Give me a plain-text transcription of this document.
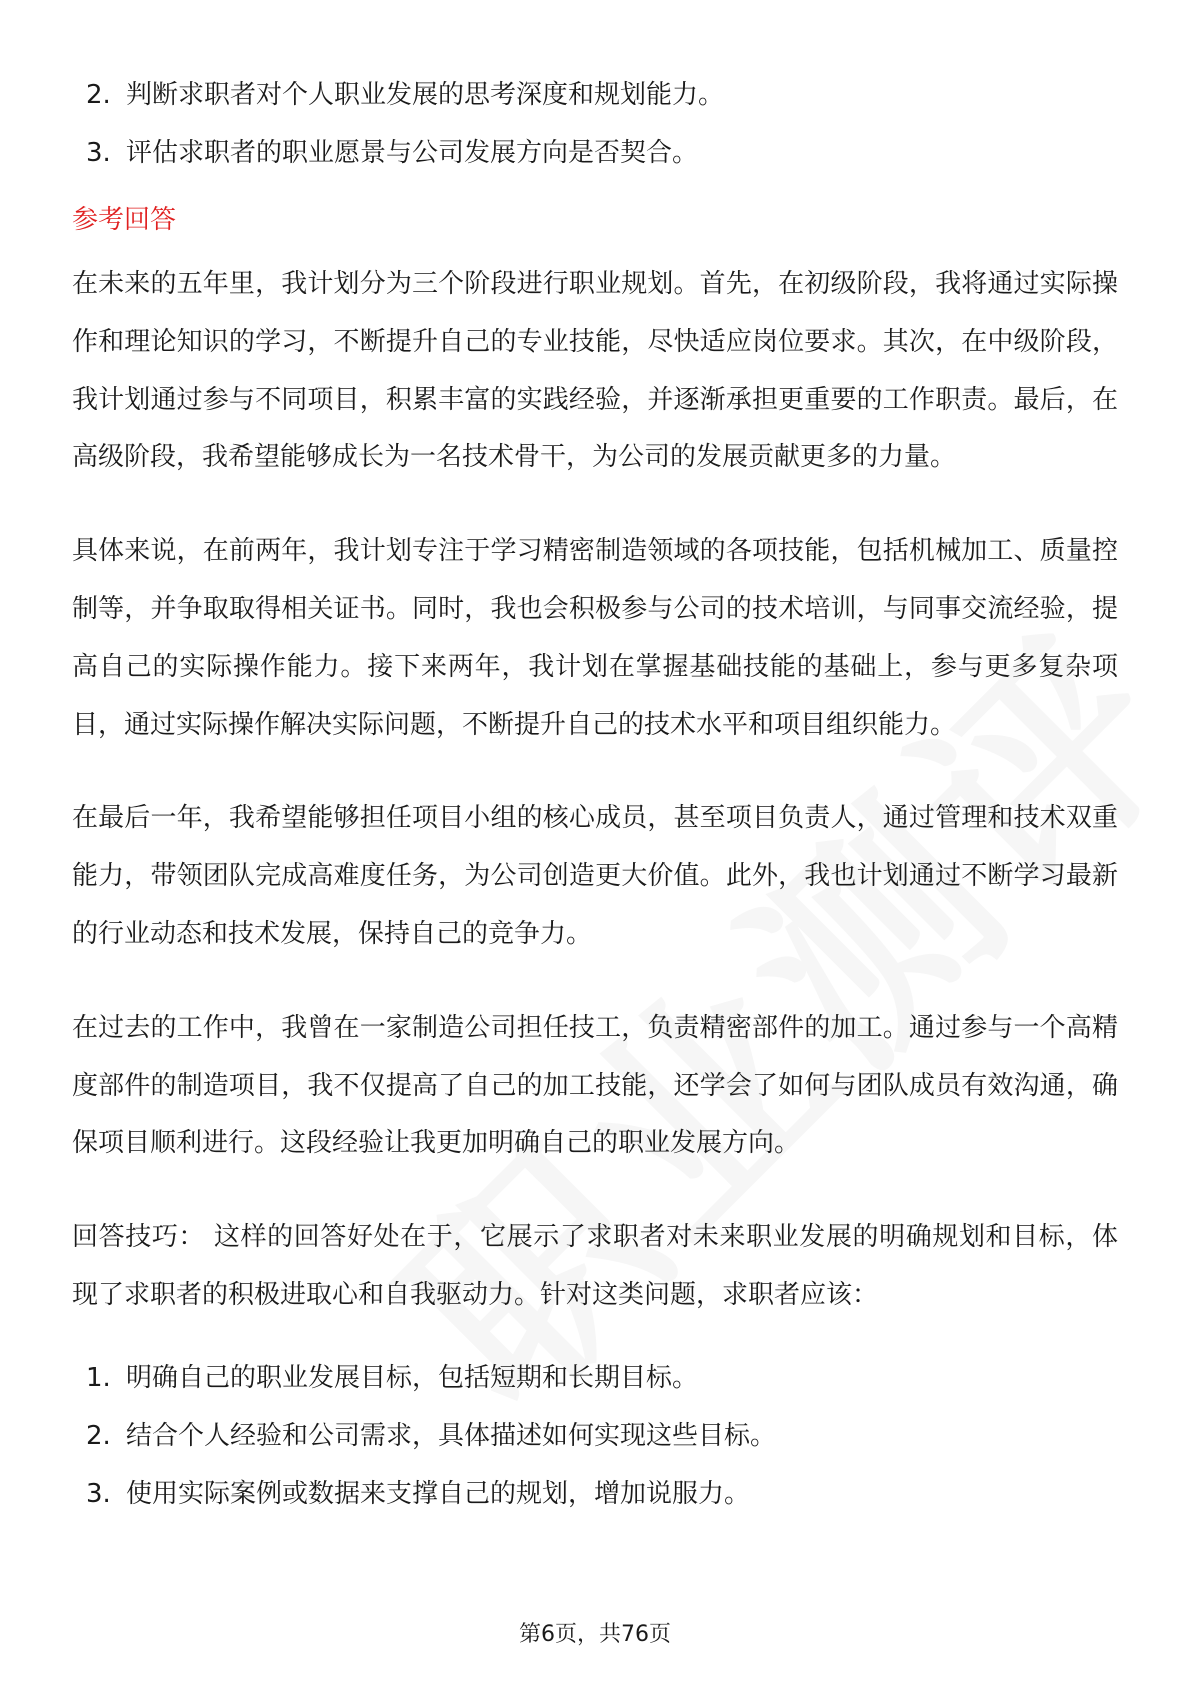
2. 判断求职者对个人职业发展的思考深度和规划能力。
3. 评估求职者的职业愿景与公司发展方向是否契合。
参考回答

在未来的五年里，我计划分为三个阶段进行职业规划。首先，在初级阶段，我将通过实际操作和理论知识的学习，不断提升自己的专业技能，尽快适应岗位要求。其次，在中级阶段，我计划通过参与不同项目，积累丰富的实践经验，并逐渐承担更重要的工作职责。最后，在高级阶段，我希望能够成长为一名技术骨干，为公司的发展贡献更多的力量。

具体来说，在前两年，我计划专注于学习精密制造领域的各项技能，包括机械加工、质量控制等，并争取取得相关证书。同时，我也会积极参与公司的技术培训，与同事交流经验，提高自己的实际操作能力。接下来两年，我计划在掌握基础技能的基础上，参与更多复杂项目，通过实际操作解决实际问题，不断提升自己的技术水平和项目组织能力。

在最后一年，我希望能够担任项目小组的核心成员，甚至项目负责人，通过管理和技术双重能力，带领团队完成高难度任务，为公司创造更大价值。此外，我也计划通过不断学习最新的行业动态和技术发展，保持自己的竞争力。

在过去的工作中，我曾在一家制造公司担任技工，负责精密部件的加工。通过参与一个高精度部件的制造项目，我不仅提高了自己的加工技能，还学会了如何与团队成员有效沟通，确保项目顺利进行。这段经验让我更加明确自己的职业发展方向。

回答技巧： 这样的回答好处在于，它展示了求职者对未来职业发展的明确规划和目标，体现了求职者的积极进取心和自我驱动力。针对这类问题，求职者应该：

1. 明确自己的职业发展目标，包括短期和长期目标。
2. 结合个人经验和公司需求，具体描述如何实现这些目标。
3. 使用实际案例或数据来支撑自己的规划，增加说服力。
第6页，共76页
